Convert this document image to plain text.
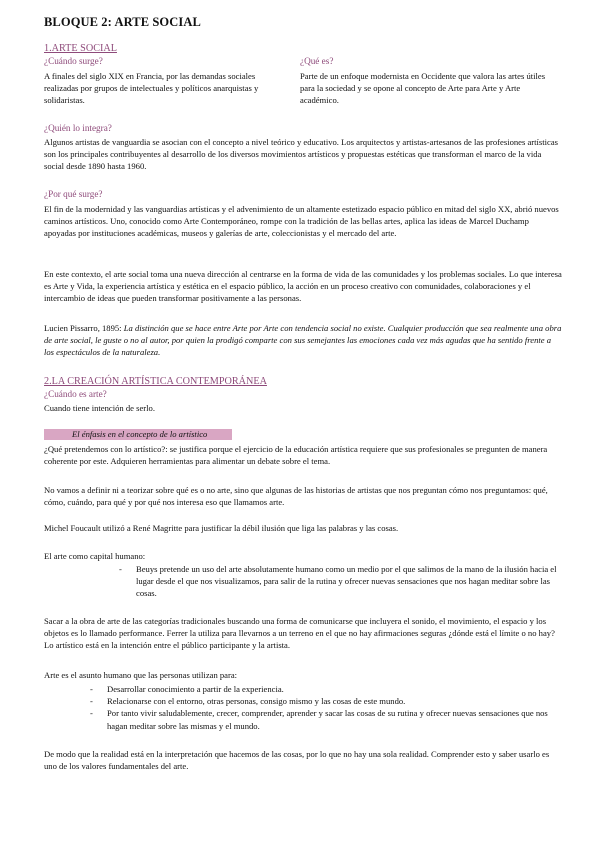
BLOQUE 2: ARTE SOCIAL
1.ARTE SOCIAL
¿Cuándo surge?

A finales del siglo XIX en Francia, por las demandas sociales realizadas por grupos de intelectuales y políticos anarquistas y solidaristas.

¿Qué es?

Parte de un enfoque modernista en Occidente que valora las artes útiles para la sociedad y se opone al concepto de Arte para Arte y Arte académico.

¿Quién lo integra?

Algunos artistas de vanguardia se asocian con el concepto a nivel teórico y educativo. Los arquitectos y artistas-artesanos de las profesiones artísticas son los principales contribuyentes al desarrollo de los diversos movimientos artísticos y propuestas estéticas que transforman el marco de la vida social desde 1890 hasta 1960.

¿Por qué surge?

El fin de la modernidad y las vanguardias artísticas y el advenimiento de un altamente estetizado espacio público en mitad del siglo XX, abrió nuevos caminos artísticos. Uno, conocido como Arte Contemporáneo, rompe con la tradición de las bellas artes, aplica las ideas de Marcel Duchamp apoyadas por instituciones académicas, museos y galerías de arte, coleccionistas y el mercado del arte.

En este contexto, el arte social toma una nueva dirección al centrarse en la forma de vida de las comunidades y los problemas sociales. Lo que interesa es Arte y Vida, la experiencia artística y estética en el espacio público, la acción en un proceso creativo con comunidades, colaboraciones y el intercambio de ideas que pueden transformar positivamente a las personas.

Lucien Pissarro, 1895: La distinción que se hace entre Arte por Arte con tendencia social no existe. Cualquier producción que sea realmente una obra de arte social, le guste o no al autor, por quien la prodigó comparte con sus semejantes las emociones cada vez más agudas que ha sentido frente a los espectáculos de la naturaleza.

2.LA CREACIÓN ARTÍSTICA CONTEMPORÁNEA
¿Cuándo es arte?

Cuando tiene intención de serlo.

El énfasis en el concepto de lo artístico

¿Qué pretendemos con lo artístico?: se justifica porque el ejercicio de la educación artística requiere que sus profesionales se pregunten de manera coherente por este. Adquieren herramientas para alimentar un debate sobre el tema.

No vamos a definir ni a teorizar sobre qué es o no arte, sino que algunas de las historias de artistas que nos preguntan cómo nos preguntamos: qué, cómo, cuándo, para qué y por qué nos interesa eso que llamamos arte.

Michel Foucault utilizó a René Magritte para justificar la débil ilusión que liga las palabras y las cosas.

El arte como capital humano:

- Beuys pretende un uso del arte absolutamente humano como un medio por el que salimos de la mano de la ilusión hacia el lugar desde el que nos visualizamos, para salir de la rutina y ofrecer nuevas sensaciones que nos hagan meditar sobre las cosas.

Sacar a la obra de arte de las categorías tradicionales buscando una forma de comunicarse que incluyera el sonido, el movimiento, el espacio y los objetos es lo llamado performance. Ferrer la utiliza para llevarnos a un terreno en el que no hay afirmaciones seguras ¿dónde está el límite o no hay? Lo artístico está en la intención entre el público participante y la artista.

Arte es el asunto humano que las personas utilizan para:

- Desarrollar conocimiento a partir de la experiencia.
- Relacionarse con el entorno, otras personas, consigo mismo y las cosas de este mundo.
- Por tanto vivir saludablemente, crecer, comprender, aprender y sacar las cosas de su rutina y ofrecer nuevas sensaciones que nos hagan meditar sobre las mismas y el mundo.

De modo que la realidad está en la interpretación que hacemos de las cosas, por lo que no hay una sola realidad. Comprender esto y saber usarlo es uno de los valores fundamentales del arte.
